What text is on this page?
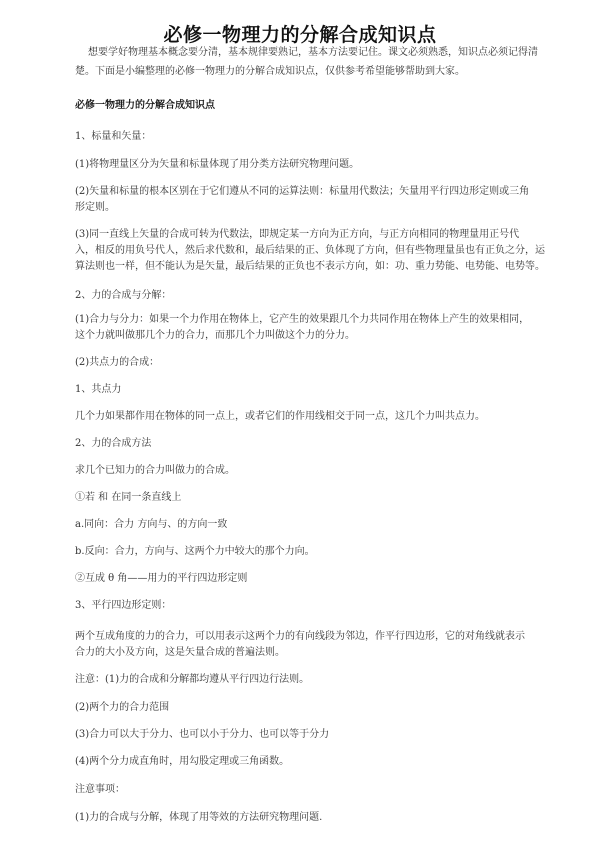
必修一物理力的分解合成知识点
想要学好物理基本概念要分清，基本规律要熟记，基本方法要记住。课文必须熟悉，知识点必须记得清
楚。下面是小编整理的必修一物理力的分解合成知识点，仅供参考希望能够帮助到大家。
必修一物理力的分解合成知识点
1、标量和矢量：
(1)将物理量区分为矢量和标量体现了用分类方法研究物理问题。
(2)矢量和标量的根本区别在于它们遵从不同的运算法则：标量用代数法；矢量用平行四边形定则或三角
形定则。
(3)同一直线上矢量的合成可转为代数法，即规定某一方向为正方向，与正方向相同的物理量用正号代
入，相反的用负号代人，然后求代数和，最后结果的正、负体现了方向，但有些物理量虽也有正负之分，运
算法则也一样，但不能认为是矢量，最后结果的正负也不表示方向，如：功、重力势能、电势能、电势等。
2、力的合成与分解：
(1)合力与分力：如果一个力作用在物体上，它产生的效果跟几个力共同作用在物体上产生的效果相同，
这个力就叫做那几个力的合力，而那几个力叫做这个力的分力。
(2)共点力的合成：
1、共点力
几个力如果都作用在物体的同一点上，或者它们的作用线相交于同一点，这几个力叫共点力。
2、力的合成方法
求几个已知力的合力叫做力的合成。
①若 和 在同一条直线上
a.同向：合力 方向与、的方向一致
b.反向：合力，方向与、这两个力中较大的那个力向。
②互成 θ 角——用力的平行四边形定则
3、平行四边形定则：
两个互成角度的力的合力，可以用表示这两个力的有向线段为邻边，作平行四边形，它的对角线就表示
合力的大小及方向，这是矢量合成的普遍法则。
注意：(1)力的合成和分解都均遵从平行四边行法则。
(2)两个力的合力范围
(3)合力可以大于分力、也可以小于分力、也可以等于分力
(4)两个分力成直角时，用勾股定理或三角函数。
注意事项：
(1)力的合成与分解，体现了用等效的方法研究物理问题.
